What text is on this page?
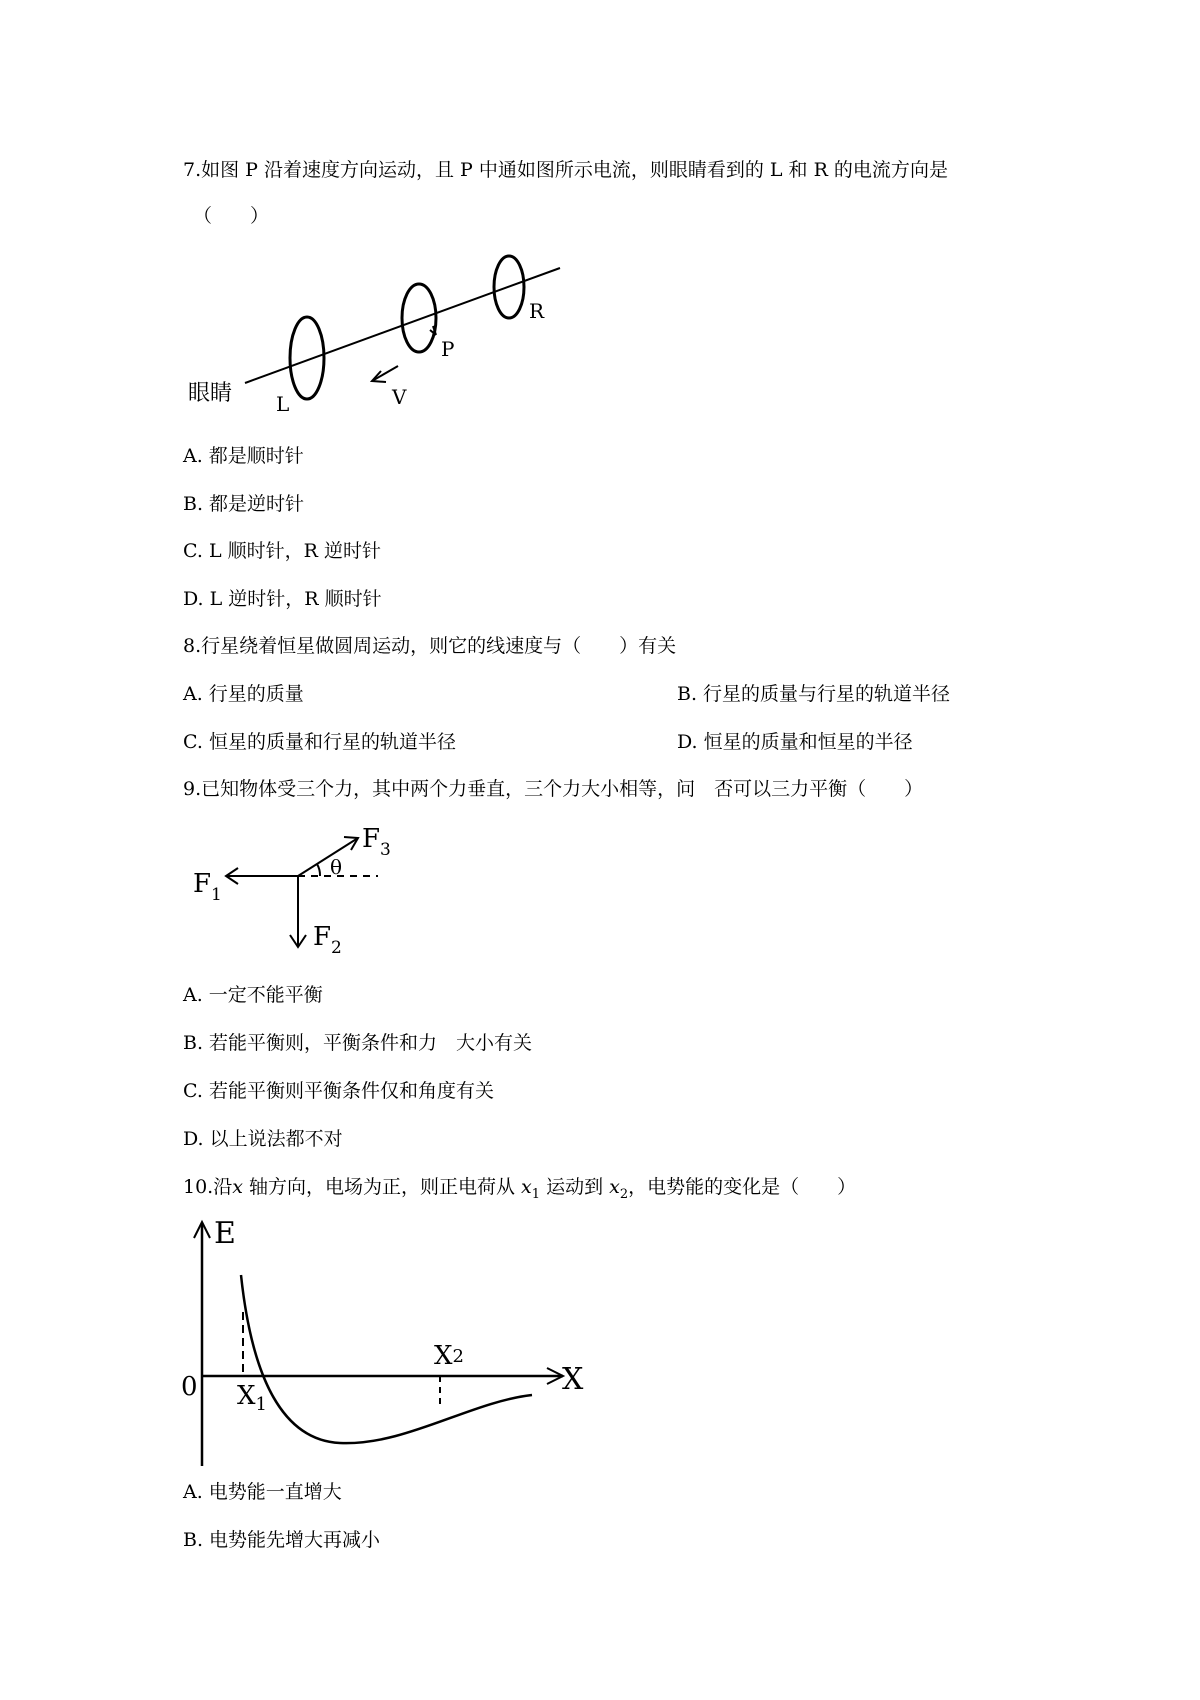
7.如图 P 沿着速度方向运动，且 P 中通如图所示电流，则眼睛看到的 L 和 R 的电流方向是
（　　）
眼睛 L
P
R
V
A. 都是顺时针
B. 都是逆时针
C. L 顺时针，R 逆时针
D. L 逆时针，R 顺时针
8.行星绕着恒星做圆周运动，则它的线速度与（　　）有关
A. 行星的质量	B. 行星的质量与行星的轨道半径
C. 恒星的质量和行星的轨道半径	D. 恒星的质量和恒星的半径
9.已知物体受三个力，其中两个力垂直，三个力大小相等，问　否可以三力平衡（　　）
$F_1$
$F_2$
$F_3$
θ
A. 一定不能平衡
B. 若能平衡则，平衡条件和力　大小有关
C. 若能平衡则平衡条件仅和角度有关
D. 以上说法都不对
10.沿x 轴方向，电场为正，则正电荷从 $x_1$ 运动到 $x_2$，电势能的变化是（　　）
E
X
0 $X_1$
X2
A. 电势能一直增大
B. 电势能先增大再减小
